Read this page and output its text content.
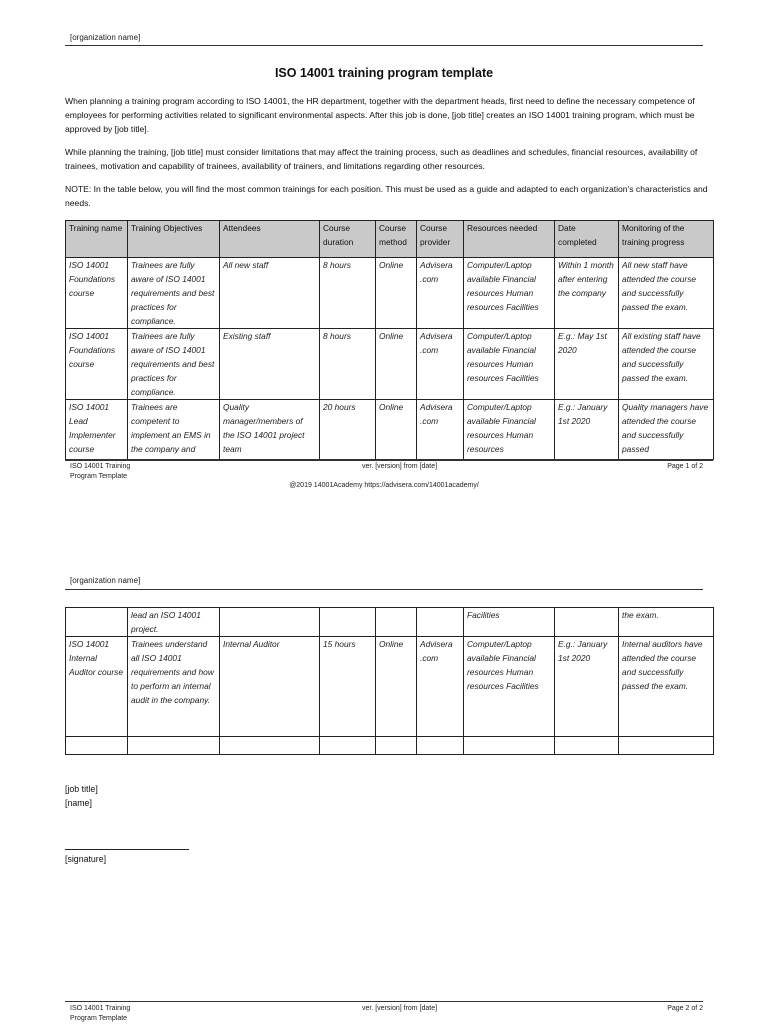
[organization name]
ISO 14001 training program template
When planning a training program according to ISO 14001, the HR department, together with the department heads, first need to define the necessary competence of employees for performing activities related to significant environmental aspects. After this job is done, [job title] creates an ISO 14001 training program, which must be approved by [job title].
While planning the training, [job title] must consider limitations that may affect the training process, such as deadlines and schedules, financial resources, availability of trainees, motivation and capability of trainees, availability of trainers, and limitations regarding other resources.
NOTE: In the table below, you will find the most common trainings for each position. This must be used as a guide and adapted to each organization's characteristics and needs.
Training name	Training Objectives	Attendees	Course duration	Course method	Course provider	Resources needed	Date completed	Monitoring of the training progress
ISO 14001 Foundations course	Trainees are fully aware of ISO 14001 requirements and best practices for compliance.	All new staff	8 hours	Online	Advisera .com	Computer/Laptop available Financial resources Human resources Facilities	Within 1 month after entering the company	All new staff have attended the course and successfully passed the exam.
ISO 14001 Foundations course	Trainees are fully aware of ISO 14001 requirements and best practices for compliance.	Existing staff	8 hours	Online	Advisera .com	Computer/Laptop available Financial resources Human resources Facilities	E.g.: May 1st 2020	All existing staff have attended the course and successfully passed the exam.
ISO 14001 Lead Implementer course	Trainees are competent to implement an EMS in the company and	Quality manager/members of the ISO 14001 project team	20 hours	Online	Advisera .com	Computer/Laptop available Financial resources Human resources	E.g.: January 1st 2020	Quality managers have attended the course and successfully passed
ISO 14001 Training Program Template
ver. [version] from [date]	Page 1 of 2
@2019 14001Academy https://advisera.com/14001academy/
[organization name]
	lead an ISO 14001 project.					Facilities		the exam.
ISO 14001 Internal Auditor course	Trainees understand all ISO 14001 requirements and how to perform an internal audit in the company.	Internal Auditor	15 hours	Online	Advisera .com	Computer/Laptop available Financial resources Human resources Facilities	E.g.: January 1st 2020	Internal auditors have attended the course and successfully passed the exam.

[job title]
[name]
[signature]
ISO 14001 Training Program Template
ver. [version] from [date]	Page 2 of 2
